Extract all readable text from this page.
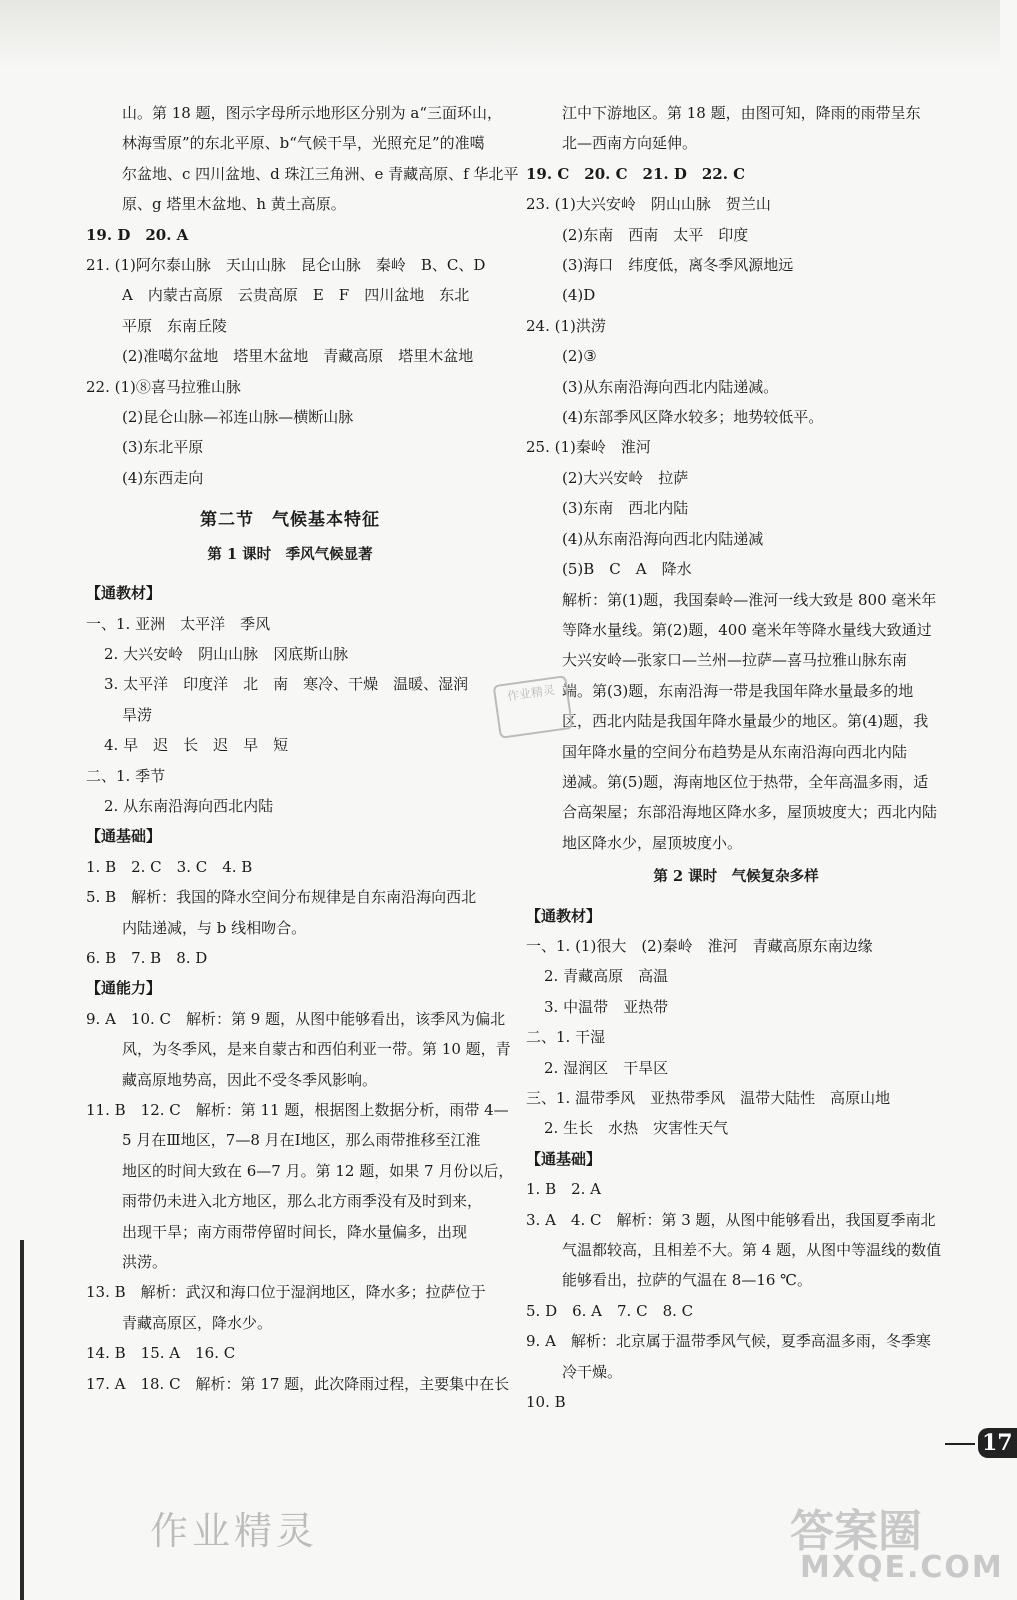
山。第 18 题，图示字母所示地形区分别为 a“三面环山，

林海雪原”的东北平原、b“气候干旱，光照充足”的准噶

尔盆地、c 四川盆地、d 珠江三角洲、e 青藏高原、f 华北平

原、g 塔里木盆地、h 黄土高原。

19. D　20. A

21. (1)阿尔泰山脉　天山山脉　昆仑山脉　秦岭　B、C、D

A　内蒙古高原　云贵高原　E　F　四川盆地　东北

平原　东南丘陵

(2)准噶尔盆地　塔里木盆地　青藏高原　塔里木盆地

22. (1)⑧喜马拉雅山脉

(2)昆仑山脉—祁连山脉—横断山脉

(3)东北平原

(4)东西走向

第二节　气候基本特征

第 1 课时　季风气候显著

【通教材】

一、1. 亚洲　太平洋　季风

2. 大兴安岭　阴山山脉　冈底斯山脉

3. 太平洋　印度洋　北　南　寒冷、干燥　温暖、湿润

旱涝

4. 早　迟　长　迟　早　短

二、1. 季节

2. 从东南沿海向西北内陆

【通基础】

1. B　2. C　3. C　4. B

5. B　解析：我国的降水空间分布规律是自东南沿海向西北

内陆递减，与 b 线相吻合。

6. B　7. B　8. D

【通能力】

9. A　10. C　解析：第 9 题，从图中能够看出，该季风为偏北

风，为冬季风，是来自蒙古和西伯利亚一带。第 10 题，青

藏高原地势高，因此不受冬季风影响。

11. B　12. C　解析：第 11 题，根据图上数据分析，雨带 4—

5 月在Ⅲ地区，7—8 月在Ⅰ地区，那么雨带推移至江淮

地区的时间大致在 6—7 月。第 12 题，如果 7 月份以后，

雨带仍未进入北方地区，那么北方雨季没有及时到来，

出现干旱；南方雨带停留时间长，降水量偏多，出现

洪涝。

13. B　解析：武汉和海口位于湿润地区，降水多；拉萨位于

青藏高原区，降水少。

14. B　15. A　16. C

17. A　18. C　解析：第 17 题，此次降雨过程，主要集中在长

江中下游地区。第 18 题，由图可知，降雨的雨带呈东

北—西南方向延伸。

19. C　20. C　21. D　22. C

23. (1)大兴安岭　阴山山脉　贺兰山

(2)东南　西南　太平　印度

(3)海口　纬度低，离冬季风源地远

(4)D

24. (1)洪涝

(2)③

(3)从东南沿海向西北内陆递减。

(4)东部季风区降水较多；地势较低平。

25. (1)秦岭　淮河

(2)大兴安岭　拉萨

(3)东南　西北内陆

(4)从东南沿海向西北内陆递减

(5)B　C　A　降水

解析：第(1)题，我国秦岭—淮河一线大致是 800 毫米年

等降水量线。第(2)题，400 毫米年等降水量线大致通过

大兴安岭—张家口—兰州—拉萨—喜马拉雅山脉东南

端。第(3)题，东南沿海一带是我国年降水量最多的地

区，西北内陆是我国年降水量最少的地区。第(4)题，我

国年降水量的空间分布趋势是从东南沿海向西北内陆

递减。第(5)题，海南地区位于热带，全年高温多雨，适

合高架屋；东部沿海地区降水多，屋顶坡度大；西北内陆

地区降水少，屋顶坡度小。

第 2 课时　气候复杂多样

【通教材】

一、1. (1)很大　(2)秦岭　淮河　青藏高原东南边缘

2. 青藏高原　高温

3. 中温带　亚热带

二、1. 干湿

2. 湿润区　干旱区

三、1. 温带季风　亚热带季风　温带大陆性　高原山地

2. 生长　水热　灾害性天气

【通基础】

1. B　2. A

3. A　4. C　解析：第 3 题，从图中能够看出，我国夏季南北

气温都较高，且相差不大。第 4 题，从图中等温线的数值

能够看出，拉萨的气温在 8—16 ℃。

5. D　6. A　7. C　8. C

9. A　解析：北京属于温带季风气候，夏季高温多雨，冬季寒

冷干燥。

10. B

作业精灵
作业精灵	答案圈
MXQE.COM
17
